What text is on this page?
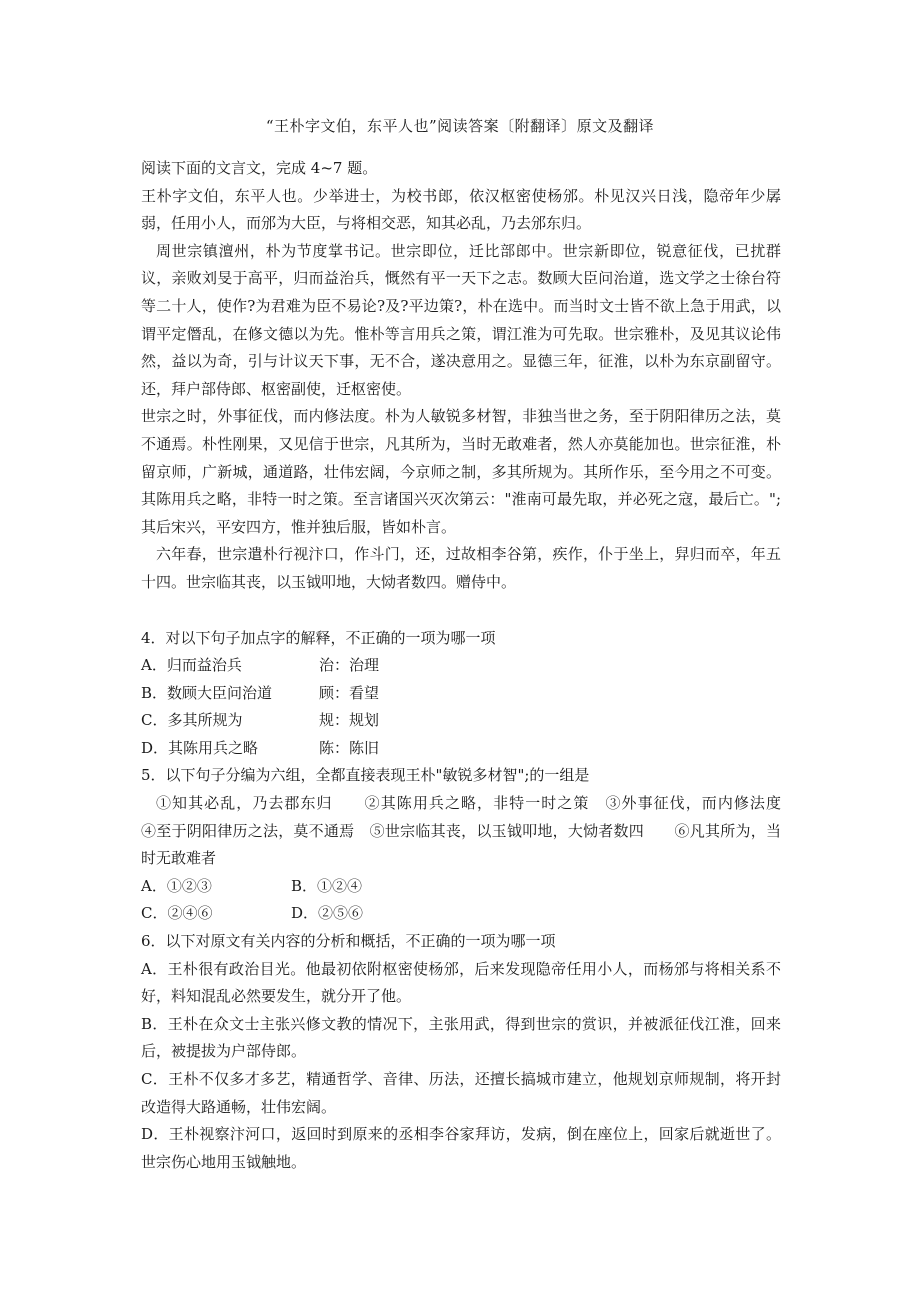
“王朴字文伯，东平人也”阅读答案〔附翻译〕原文及翻译

阅读下面的文言文，完成 4~7 题。

王朴字文伯，东平人也。少举进士，为校书郎，依汉枢密使杨邠。朴见汉兴日浅，隐帝年少孱弱，任用小人，而邠为大臣，与将相交恶，知其必乱，乃去邠东归。

周世宗镇澶州，朴为节度掌书记。世宗即位，迁比部郎中。世宗新即位，锐意征伐，已扰群议，亲败刘旻于高平，归而益治兵，慨然有平一天下之志。数顾大臣问治道，选文学之士徐台符等二十人，使作?为君难为臣不易论?及?平边策?，朴在选中。而当时文士皆不欲上急于用武，以谓平定僭乱，在修文德以为先。惟朴等言用兵之策，谓江淮为可先取。世宗雅朴，及见其议论伟然，益以为奇，引与计议天下事，无不合，遂决意用之。显德三年，征淮，以朴为东京副留守。还，拜户部侍郎、枢密副使，迁枢密使。

世宗之时，外事征伐，而内修法度。朴为人敏锐多材智，非独当世之务，至于阴阳律历之法，莫不通焉。朴性刚果，又见信于世宗，凡其所为，当时无敢难者，然人亦莫能加也。世宗征淮，朴留京师，广新城，通道路，壮伟宏阔，今京师之制，多其所规为。其所作乐，至今用之不可变。其陈用兵之略，非特一时之策。至言诸国兴灭次第云："淮南可最先取，并必死之寇，最后亡。";其后宋兴，平安四方，惟并独后服，皆如朴言。

六年春，世宗遣朴行视汴口，作斗门，还，过故相李谷第，疾作，仆于坐上，舁归而卒，年五十四。世宗临其丧，以玉钺叩地，大恸者数四。赠侍中。

4．对以下句子加点字的解释，不正确的一项为哪一项

A．归而益治兵	治：治理
B．数顾大臣问治道	顾：看望
C．多其所规为	规：规划
D．其陈用兵之略	陈：陈旧

5．以下句子分编为六组，全都直接表现王朴"敏锐多材智";的一组是

①知其必乱，乃去郡东归　　②其陈用兵之略，非特一时之策　③外事征伐，而内修法度　　④至于阴阳律历之法，莫不通焉　⑤世宗临其丧，以玉钺叩地，大恸者数四　　⑥凡其所为，当时无敢难者

A．①②③	B．①②④
C．②④⑥	D．②⑤⑥

6．以下对原文有关内容的分析和概括，不正确的一项为哪一项

A．王朴很有政治目光。他最初依附枢密使杨邠，后来发现隐帝任用小人，而杨邠与将相关系不好，料知混乱必然要发生，就分开了他。

B．王朴在众文士主张兴修文教的情况下，主张用武，得到世宗的赏识，并被派征伐江淮，回来后，被提拔为户部侍郎。

C．王朴不仅多才多艺，精通哲学、音律、历法，还擅长搞城市建立，他规划京师规制，将开封改造得大路通畅，壮伟宏阔。

D．王朴视察汴河口，返回时到原来的丞相李谷家拜访，发病，倒在座位上，回家后就逝世了。世宗伤心地用玉钺触地。
